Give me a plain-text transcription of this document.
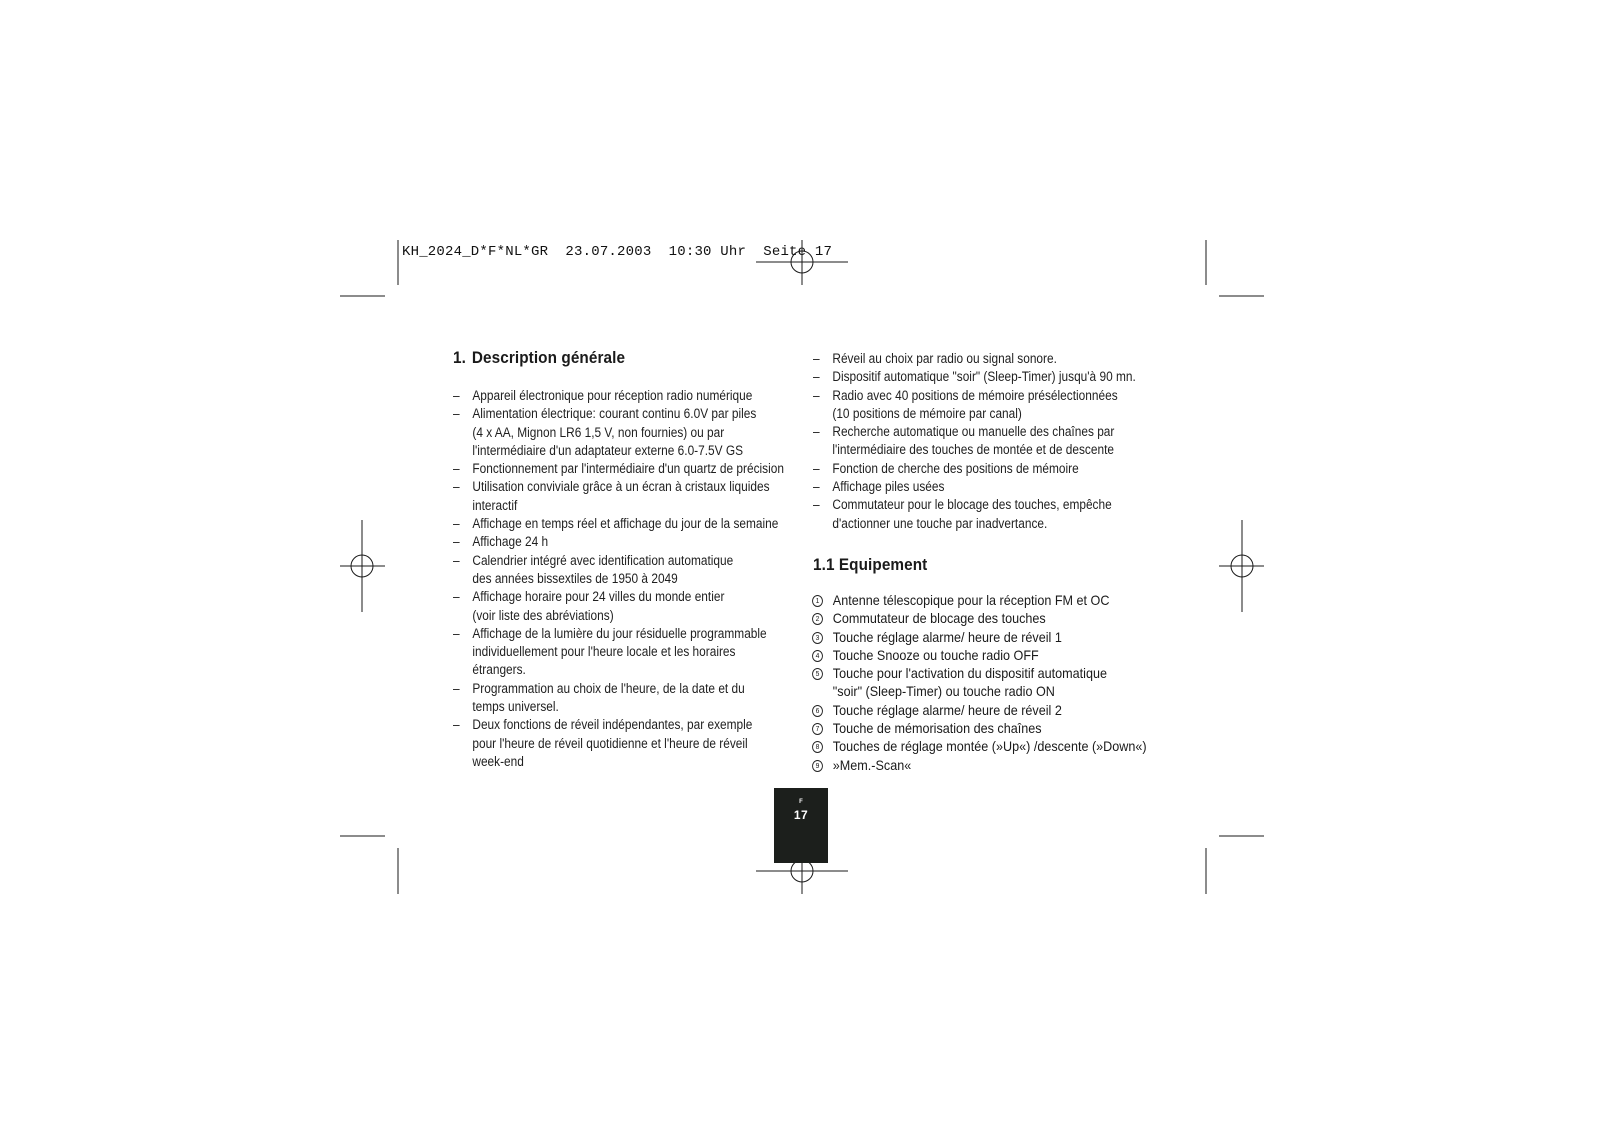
KH_2024_D*F*NL*GR  23.07.2003  10:30 Uhr  Seite 17
1. Description générale
– Appareil électronique pour réception radio numérique
– Alimentation électrique: courant continu 6.0V par piles
(4 x AA, Mignon LR6 1,5 V, non fournies) ou par
l'intermédiaire d'un adaptateur externe 6.0-7.5V GS
– Fonctionnement par l'intermédiaire d'un quartz de précision
– Utilisation conviviale grâce à un écran à cristaux liquides
interactif
– Affichage en temps réel et affichage du jour de la semaine
– Affichage 24 h
– Calendrier intégré avec identification automatique
des années bissextiles de 1950 à 2049
– Affichage horaire pour 24 villes du monde entier
(voir liste des abréviations)
– Affichage de la lumière du jour résiduelle programmable
individuellement pour l'heure locale et les horaires
étrangers.
– Programmation au choix de l'heure, de la date et du
temps universel.
– Deux fonctions de réveil indépendantes, par exemple
pour l'heure de réveil quotidienne et l'heure de réveil
week-end
– Réveil au choix par radio ou signal sonore.
– Dispositif automatique "soir" (Sleep-Timer) jusqu'à 90 mn.
– Radio avec 40 positions de mémoire présélectionnées
(10 positions de mémoire par canal)
– Recherche automatique ou manuelle des chaînes par
l'intermédiaire des touches de montée et de descente
– Fonction de cherche des positions de mémoire
– Affichage piles usées
– Commutateur pour le blocage des touches, empêche
d'actionner une touche par inadvertance.
1.1 Equipement
1 Antenne télescopique pour la réception FM et OC
2 Commutateur de blocage des touches
3 Touche réglage alarme/ heure de réveil 1
4 Touche Snooze ou touche radio OFF
5 Touche pour l'activation du dispositif automatique
"soir" (Sleep-Timer) ou touche radio ON
6 Touche réglage alarme/ heure de réveil 2
7 Touche de mémorisation des chaînes
8 Touches de réglage montée (»Up«) /descente (»Down«)
9 »Mem.-Scan«
F
17
